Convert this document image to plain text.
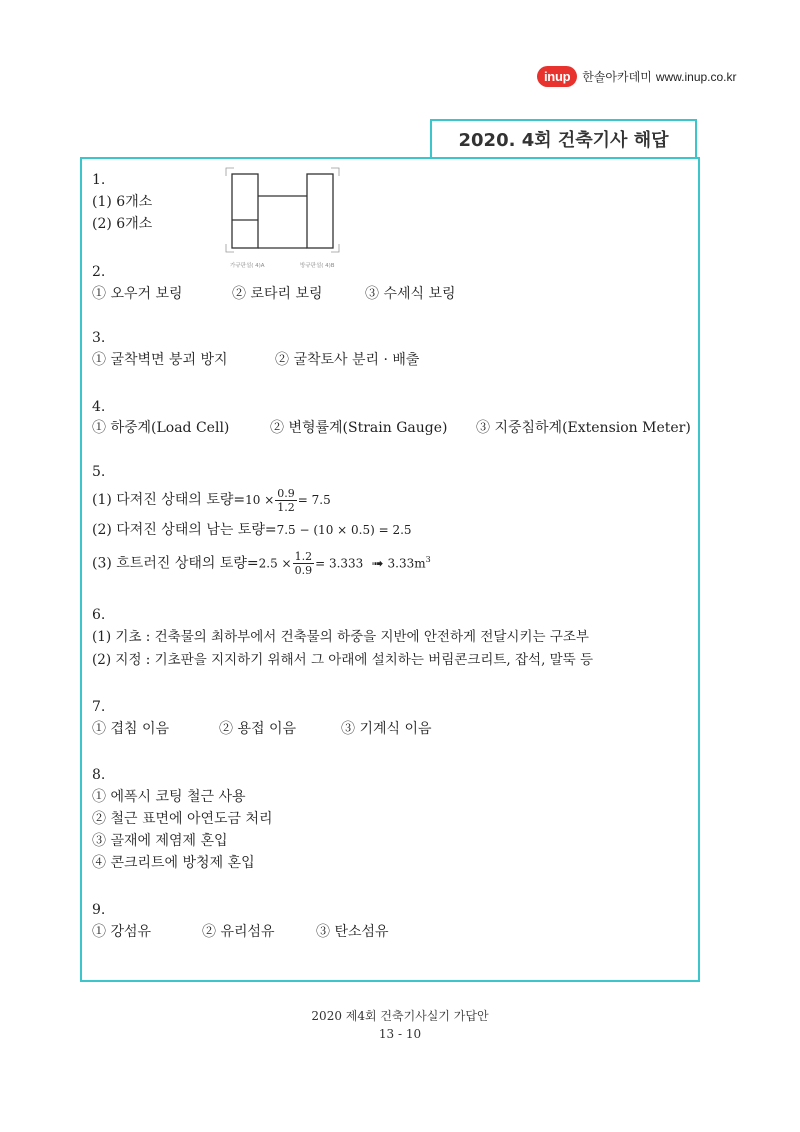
inup	한솔아카데미 www.inup.co.kr
2020. 4회 건축기사 해답
1.
(1) 6개소
(2) 6개소
가규판설( 4)A	방규판설( 4)B
2.
① 오우거 보링	② 로타리 보링	③ 수세식 보링
3.
① 굴착벽면 붕괴 방지	② 굴착토사 분리 · 배출
4.
① 하중계(Load Cell)	② 변형률계(Strain Gauge) ③ 지중침하계(Extension Meter)
5.
(1) 다져진 상태의 토량$=10 \times \frac{0.9}{1.2} = 7.5$
(2) 다져진 상태의 남는 토량=7.5 − (10 × 0.5) = 2.5
(3) 흐트러진 상태의 토량$=2.5 \times \frac{1.2}{0.9} = 3.333$ ➟ $3.33m^3$
6.
(1) 기초 : 건축물의 최하부에서 건축물의 하중을 지반에 안전하게 전달시키는 구조부
(2) 지정 : 기초판을 지지하기 위해서 그 아래에 설치하는 버림콘크리트, 잡석, 말뚝 등
7.
① 겹침 이음	② 용접 이음	③ 기계식 이음
8.
① 에폭시 코팅 철근 사용
② 철근 표면에 아연도금 처리
③ 골재에 제염제 혼입
④ 콘크리트에 방청제 혼입
9.
① 강섬유	② 유리섬유	③ 탄소섬유
2020 제4회 건축기사실기 가답안
13 - 10
